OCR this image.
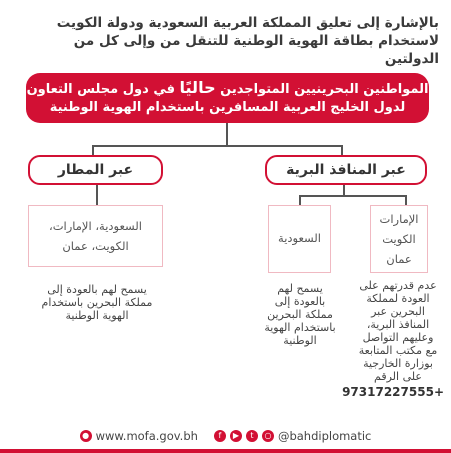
بالإشارة إلى تعليق المملكة العربية السعودية ودولة الكويت
لاستخدام بطاقة الهوية الوطنية للتنقل من وإلى كل من الدولتين
المواطنين البحرينيين المتواجدين حاليًا في دول مجلس التعاون
لدول الخليج العربية المسافرين باستخدام الهوية الوطنية
عبر المطار	عبر المنافذ البرية
السعودية، الإمارات،
الكويت، عمان
الإمارات
الكويت
عمان
السعودية
عدم قدرتهم على
العودة لمملكة
البحرين عبر
المنافذ البرية،
وعليهم التواصل
مع مكتب المتابعة
بوزارة الخارجية
على الرقم
+97317227555
يسمح لهم
بالعودة إلى
مملكة البحرين
باستخدام الهوية
الوطنية
يسمح لهم بالعودة إلى
مملكة البحرين باستخدام
الهوية الوطنية
● www.mofa.gov.bh	f	▶	t	○ @bahdiplomatic
